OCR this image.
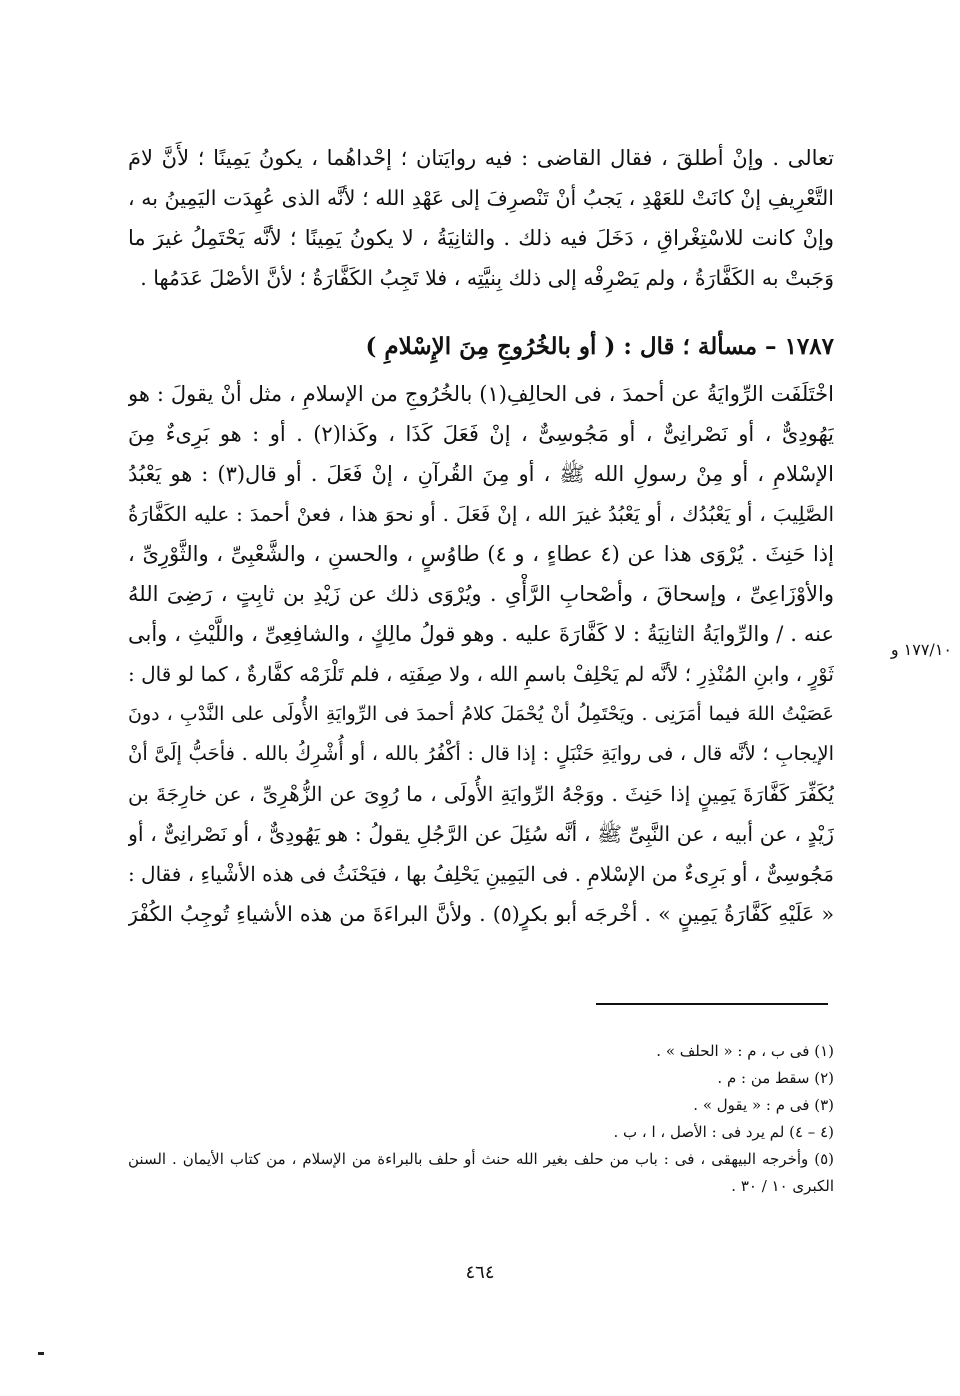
تعالى . وإنْ أطلقَ ، فقال القاضى : فيه روايَتان ؛ إحْداهُما ، يكونُ يَمِينًا ؛ لأَنَّ لامَ
التَّعْرِيفِ إنْ كانَتْ للعَهْدِ ، يَجبُ أنْ تَنْصرِفَ إلى عَهْدِ الله ؛ لأنَّه الذى عُهِدَت اليَمِينُ به ،
وإنْ كانت للاسْتِغْراقِ ، دَخَلَ فيه ذلك . والثانِيَةُ ، لا يكونُ يَمِينًا ؛ لأنَّه يَحْتَمِلُ غيرَ ما
وَجَبتْ به الكَفَّارَةُ ، ولم يَصْرِفْه إلى ذلك بِنيَّتِه ، فلا تَجِبُ الكَفَّارَةُ ؛ لأنَّ الأصْلَ عَدَمُها .
١٧٨٧ – مسألة ؛ قال : ( أو بالخُرُوجِ مِنَ الإِسْلامِ )
اخْتَلَفَت الرِّوايَةُ عن أحمدَ ، فى الحالِفِ(١) بالخُرُوجِ من الإسلامِ ، مثل أنْ يقولَ : هو
يَهُودِىٌّ ، أو نَصْرانِىٌّ ، أو مَجُوسِىٌّ ، إنْ فَعَلَ كَذَا ، وكَذا(٢) . أو : هو بَرِىءٌ مِنَ
الإسْلامِ ، أو مِنْ رسولِ الله ﷺ ، أو مِنَ القُرآنِ ، إنْ فَعَلَ . أو قال(٣) : هو يَعْبُدُ
الصَّلِيبَ ، أو يَعْبُدُك ، أو يَعْبُدُ غيرَ الله ، إنْ فَعَلَ . أو نحوَ هذا ، فعنْ أحمدَ : عليه الكَفَّارَةُ
إذا حَنِثَ . يُرْوَى هذا عن (٤ عطاءٍ ، و ٤) طاوُسٍ ، والحسنِ ، والشَّعْبِىِّ ، والثَّوْرِىِّ ،
والأوْزَاعِىِّ ، وإسحاقَ ، وأصْحابِ الرَّأْىِ . ويُرْوَى ذلك عن زَيْدِ بن ثابِتٍ ، رَضِىَ اللهُ
عنه . / والرِّوايَةُ الثانِيَةُ : لا كَفَّارَةَ عليه . وهو قولُ مالِكٍ ، والشافِعِىِّ ، واللَّيْثِ ، وأبى
ثَوْرٍ ، وابنِ المُنْذِرِ ؛ لأنَّه لم يَحْلِفْ باسمِ الله ، ولا صِفَتِه ، فلم تَلْزَمْه كفَّارةٌ ، كما لو قال :
عَصَيْتُ اللهَ فيما أمَرَنِى . ويَحْتَمِلُ أنْ يُحْمَلَ كلامُ أحمدَ فى الرِّوايَةِ الأُولَى على النَّدْبِ ، دونَ
الإيجابِ ؛ لأنَّه قال ، فى روايَةِ حَنْبَلٍ : إذا قال : أكْفُرُ بالله ، أو أُشْرِكُ بالله . فأحَبُّ إلَىَّ أنْ
يُكَفِّرَ كَفَّارَةَ يَمِينٍ إذا حَنِثَ . ووَجْهُ الرِّوايَةِ الأُولَى ، ما رُوِىَ عن الزُّهْرِىِّ ، عن خارِجَةَ بن
زَيْدٍ ، عن أبيه ، عن النَّبِىِّ ﷺ ، أنَّه سُئِلَ عن الرَّجُلِ يقولُ : هو يَهُودِىٌّ ، أو نَصْرانِىٌّ ، أو
مَجُوسِىٌّ ، أو بَرِىءٌ من الإسْلامِ . فى اليَمِينِ يَحْلِفُ بها ، فيَحْنَثُ فى هذه الأشْياءِ ، فقال :
« عَلَيْهِ كَفَّارَةُ يَمِينٍ » . أخْرجَه أبو بكرٍ(٥) . ولأنَّ البراءَةَ من هذه الأشياءِ تُوجِبُ الكُفْرَ
١٧٧/١٠ و
(١) فى ب ، م : « الحلف » .
(٢) سقط من : م .
(٣) فى م : « يقول » .
(٤ – ٤) لم يرد فى : الأصل ، ا ، ب .
(٥) وأخرجه البيهقى ، فى : باب من حلف بغير الله حنث أو حلف بالبراءة من الإسلام ، من كتاب الأيمان . السنن
الكبرى ١٠ / ٣٠ .
٤٦٤
